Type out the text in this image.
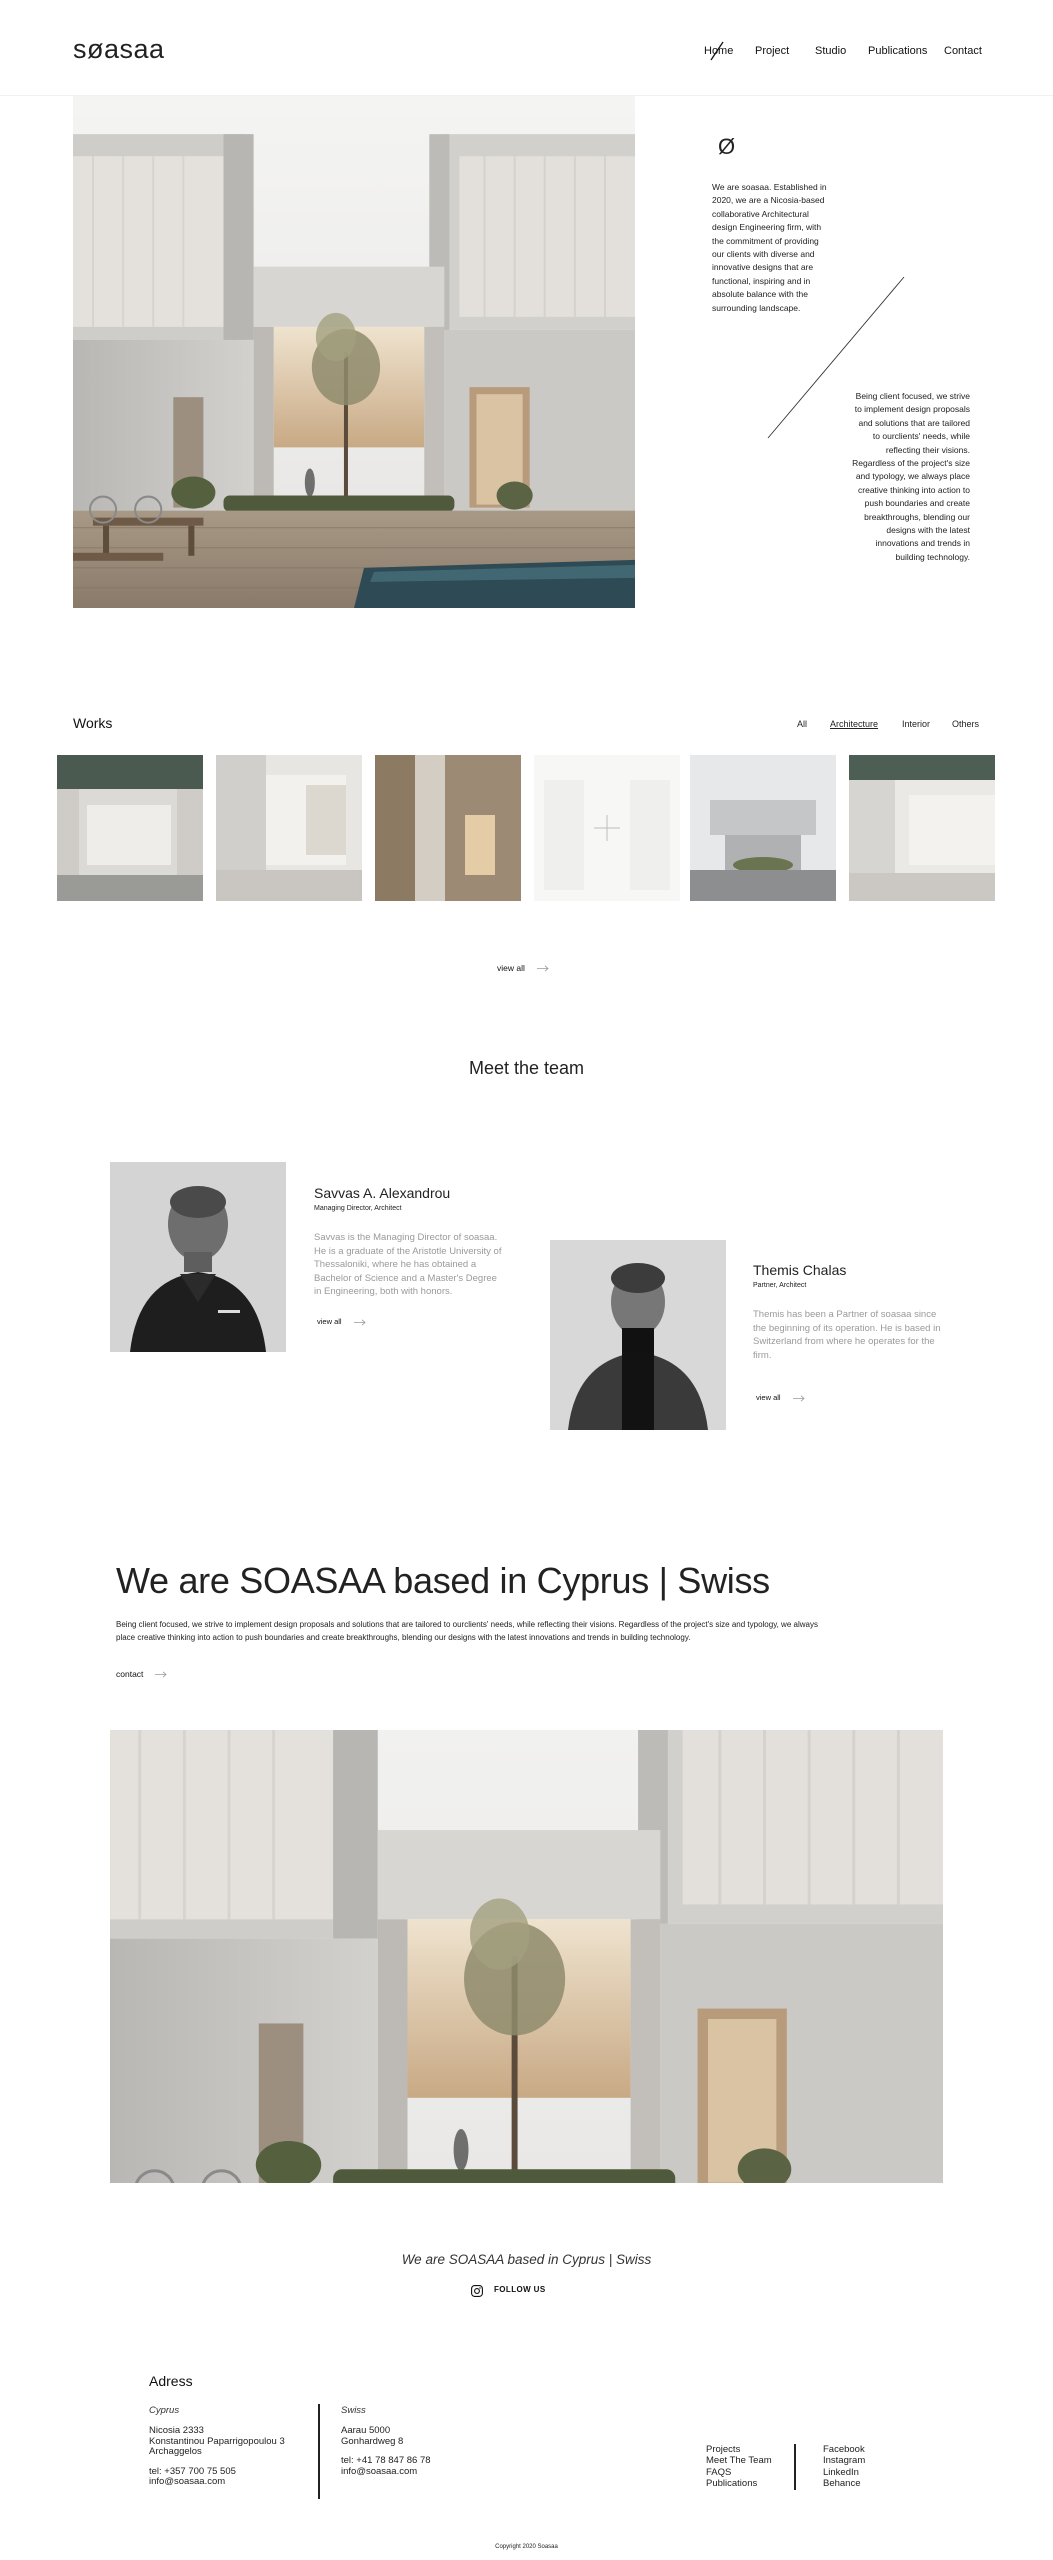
søasaa	Home Project Studio Publications Contact
Ø

We are soasaa. Established in 2020, we are a Nicosia-based collaborative Architectural design Engineering firm, with the commitment of providing our clients with diverse and innovative designs that are functional, inspiring and in absolute balance with the surrounding landscape.

Being client focused, we strive to implement design proposals and solutions that are tailored to ourclients' needs, while reflecting their visions. Regardless of the project's size and typology, we always place creative thinking into action to push boundaries and create breakthroughs, blending our designs with the latest innovations and trends in building technology.

Works	All	Architecture	Interior Others
view all
Meet the team
Savvas A. Alexandrou
Managing Director, Architect

Savvas is the Managing Director of soasaa. He is a graduate of the Aristotle University of Thessaloniki, where he has obtained a Bachelor of Science and a Master's Degree in Engineering, both with honors.

view all
Themis Chalas
Partner, Architect

Themis has been a Partner of soasaa since the beginning of its operation. He is based in Switzerland from where he operates for the firm.

view all
We are SOASAA based in Cyprus | Swiss

Being client focused, we strive to implement design proposals and solutions that are tailored to ourclients' needs, while reflecting their visions. Regardless of the project's size and typology, we always place creative thinking into action to push boundaries and create breakthroughs, blending our designs with the latest innovations and trends in building technology.

contact
We are SOASAA based in Cyprus | Swiss
FOLLOW US
Adress
Cyprus
Nicosia 2333
Konstantinou Paparrigopoulou 3
Archaggelos
tel: +357 700 75 505
info@soasaa.com
Swiss
Aarau 5000
Gonhardweg 8
tel: +41 78 847 86 78
info@soasaa.com
Projects
Meet The Team
FAQS
Publications
Facebook
Instagram
LinkedIn
Behance
Copyright 2020 Soasaa
